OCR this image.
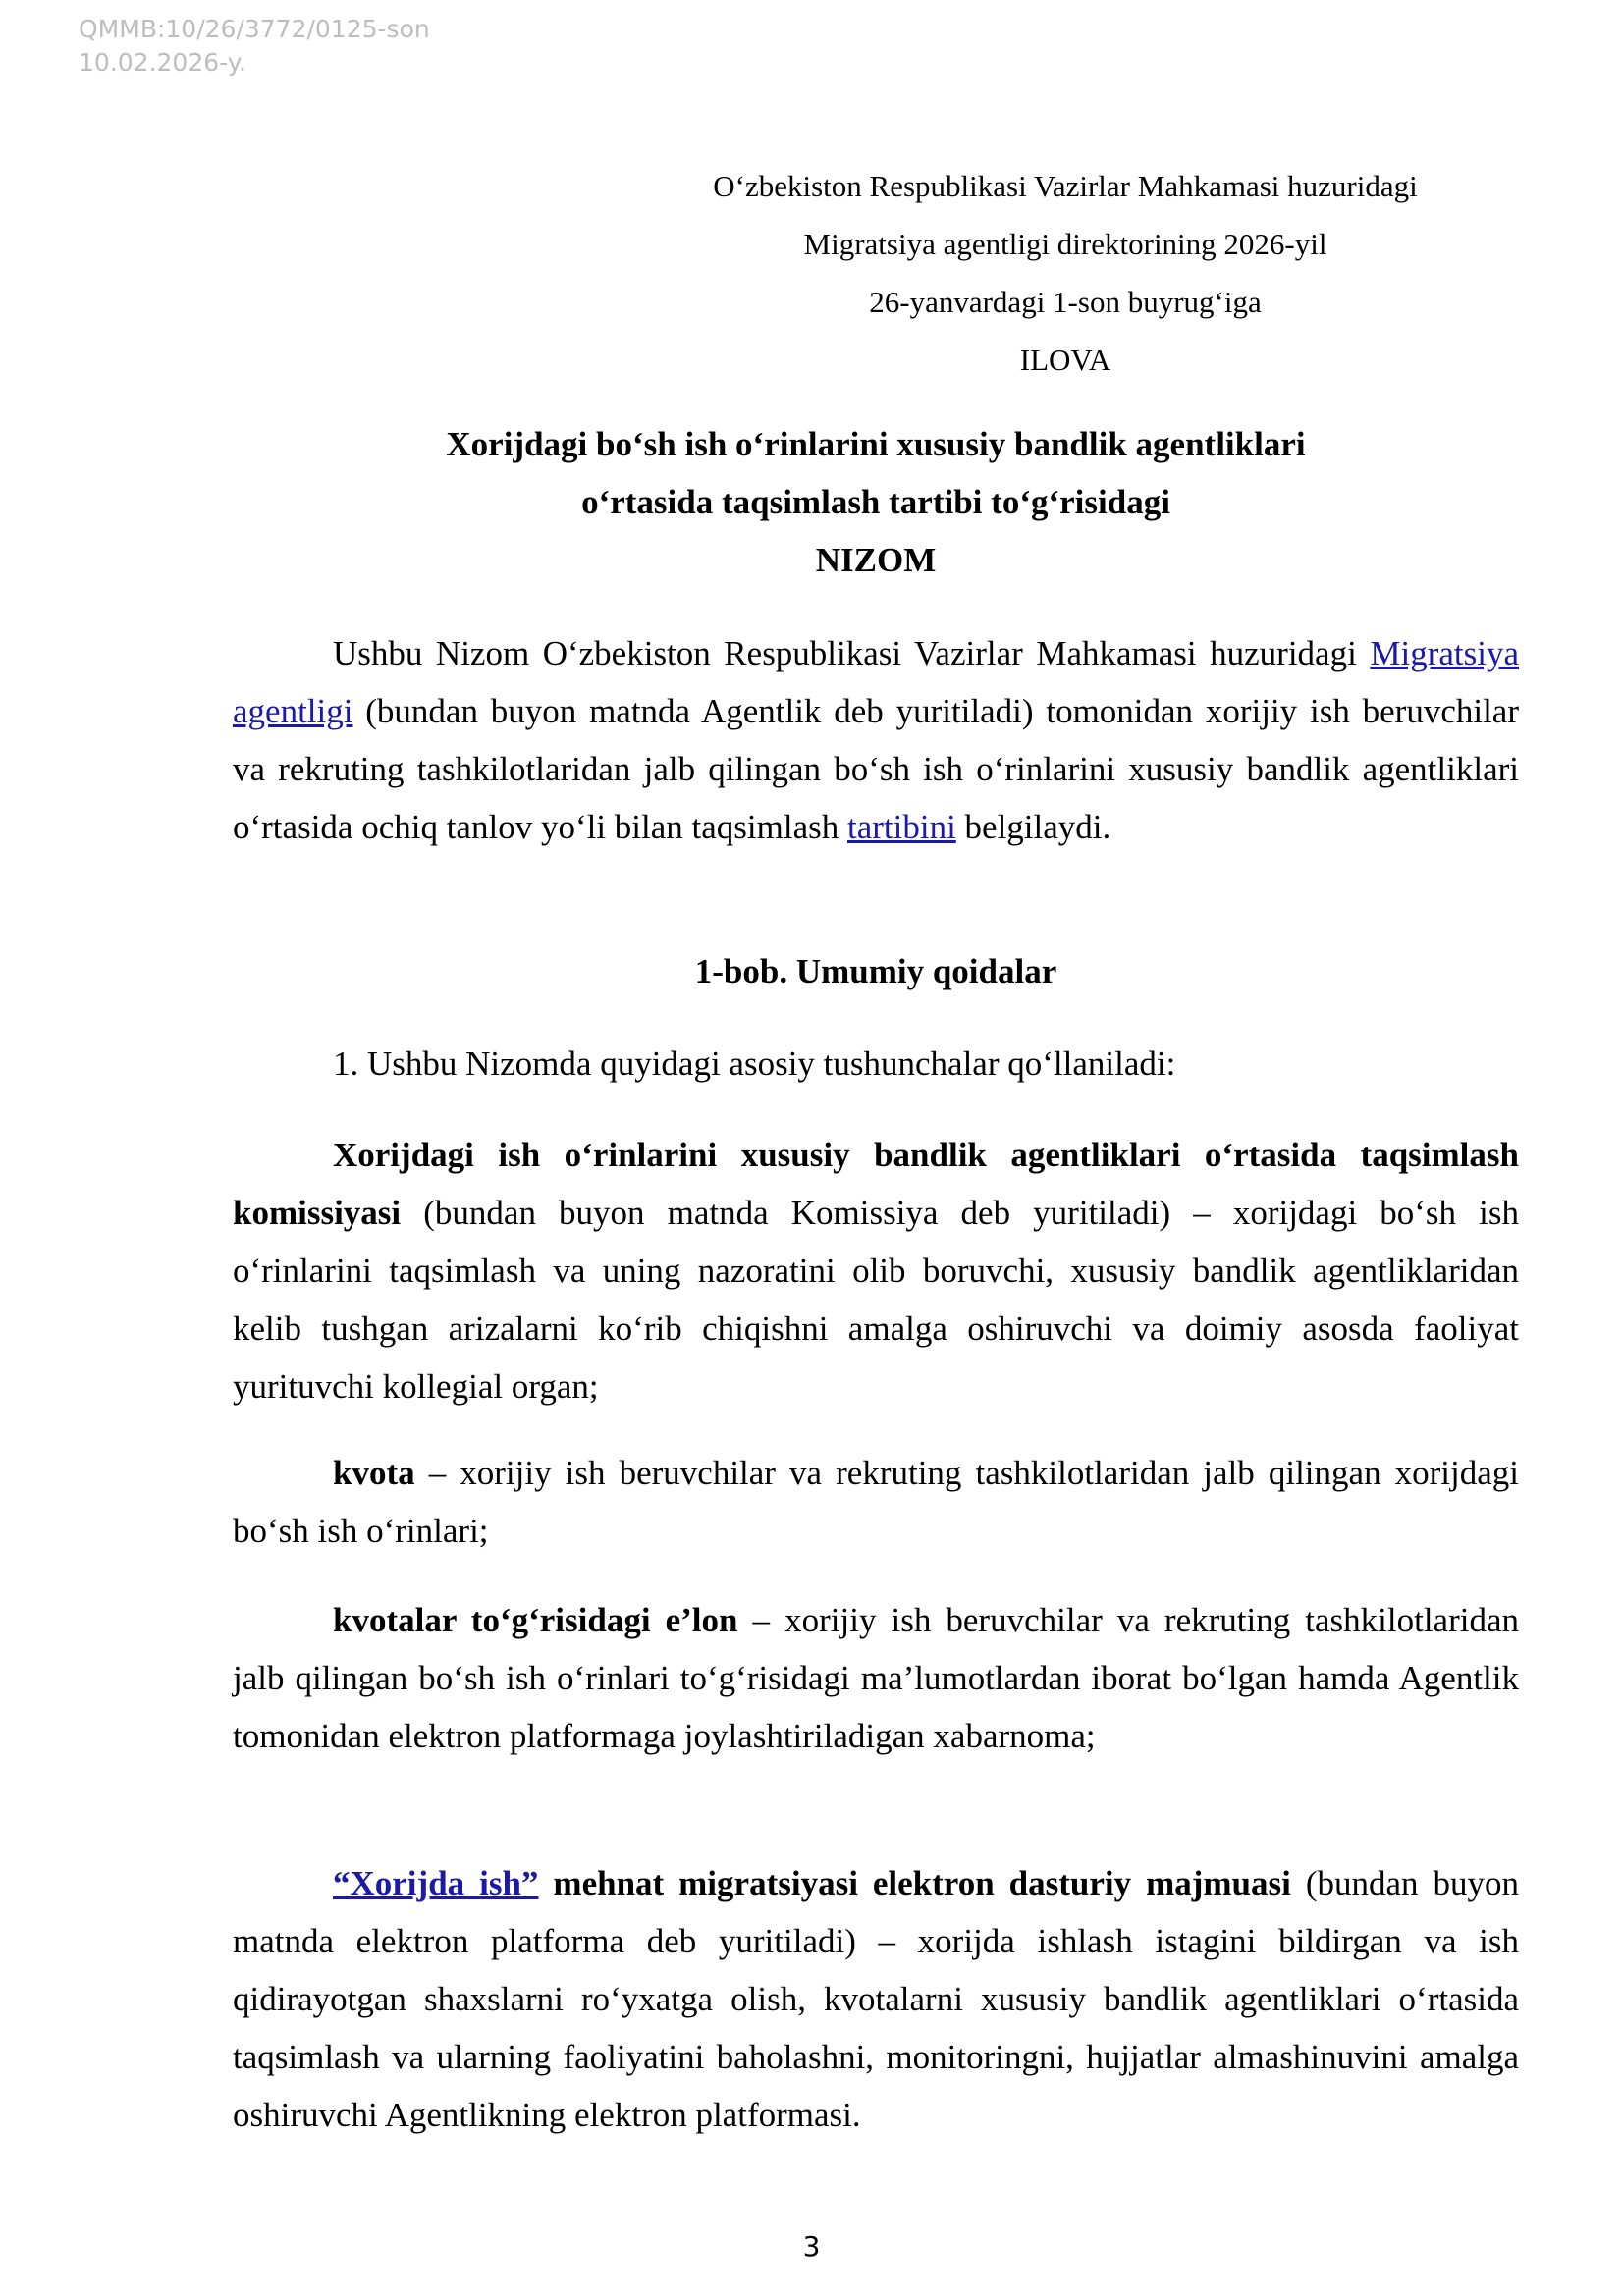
QMMB:10/26/3772/0125-son
10.02.2026-y.
O‘zbekiston Respublikasi Vazirlar Mahkamasi huzuridagi
Migratsiya agentligi direktorining 2026-yil
26-yanvardagi 1-son buyrug‘iga
ILOVA
Xorijdagi bo‘sh ish o‘rinlarini xususiy bandlik agentliklari
o‘rtasida taqsimlash tartibi to‘g‘risidagi
NIZOM

Ushbu Nizom O‘zbekiston Respublikasi Vazirlar Mahkamasi huzuridagi Migratsiya agentligi (bundan buyon matnda Agentlik deb yuritiladi) tomonidan xorijiy ish beruvchilar va rekruting tashkilotlaridan jalb qilingan bo‘sh ish o‘rinlarini xususiy bandlik agentliklari o‘rtasida ochiq tanlov yo‘li bilan taqsimlash tartibini belgilaydi.

1-bob. Umumiy qoidalar

1. Ushbu Nizomda quyidagi asosiy tushunchalar qo‘llaniladi:

Xorijdagi ish o‘rinlarini xususiy bandlik agentliklari o‘rtasida taqsimlash komissiyasi (bundan buyon matnda Komissiya deb yuritiladi) – xorijdagi bo‘sh ish o‘rinlarini taqsimlash va uning nazoratini olib boruvchi, xususiy bandlik agentliklaridan kelib tushgan arizalarni ko‘rib chiqishni amalga oshiruvchi va doimiy asosda faoliyat yurituvchi kollegial organ;

kvota – xorijiy ish beruvchilar va rekruting tashkilotlaridan jalb qilingan xorijdagi bo‘sh ish o‘rinlari;

kvotalar to‘g‘risidagi e’lon – xorijiy ish beruvchilar va rekruting tashkilotlaridan jalb qilingan bo‘sh ish o‘rinlari to‘g‘risidagi ma’lumotlardan iborat bo‘lgan hamda Agentlik tomonidan elektron platformaga joylashtiriladigan xabarnoma;

“Xorijda ish” mehnat migratsiyasi elektron dasturiy majmuasi (bundan buyon matnda elektron platforma deb yuritiladi) – xorijda ishlash istagini bildirgan va ish qidirayotgan shaxslarni ro‘yxatga olish, kvotalarni xususiy bandlik agentliklari o‘rtasida taqsimlash va ularning faoliyatini baholashni, monitoringni, hujjatlar almashinuvini amalga oshiruvchi Agentlikning elektron platformasi.

3
